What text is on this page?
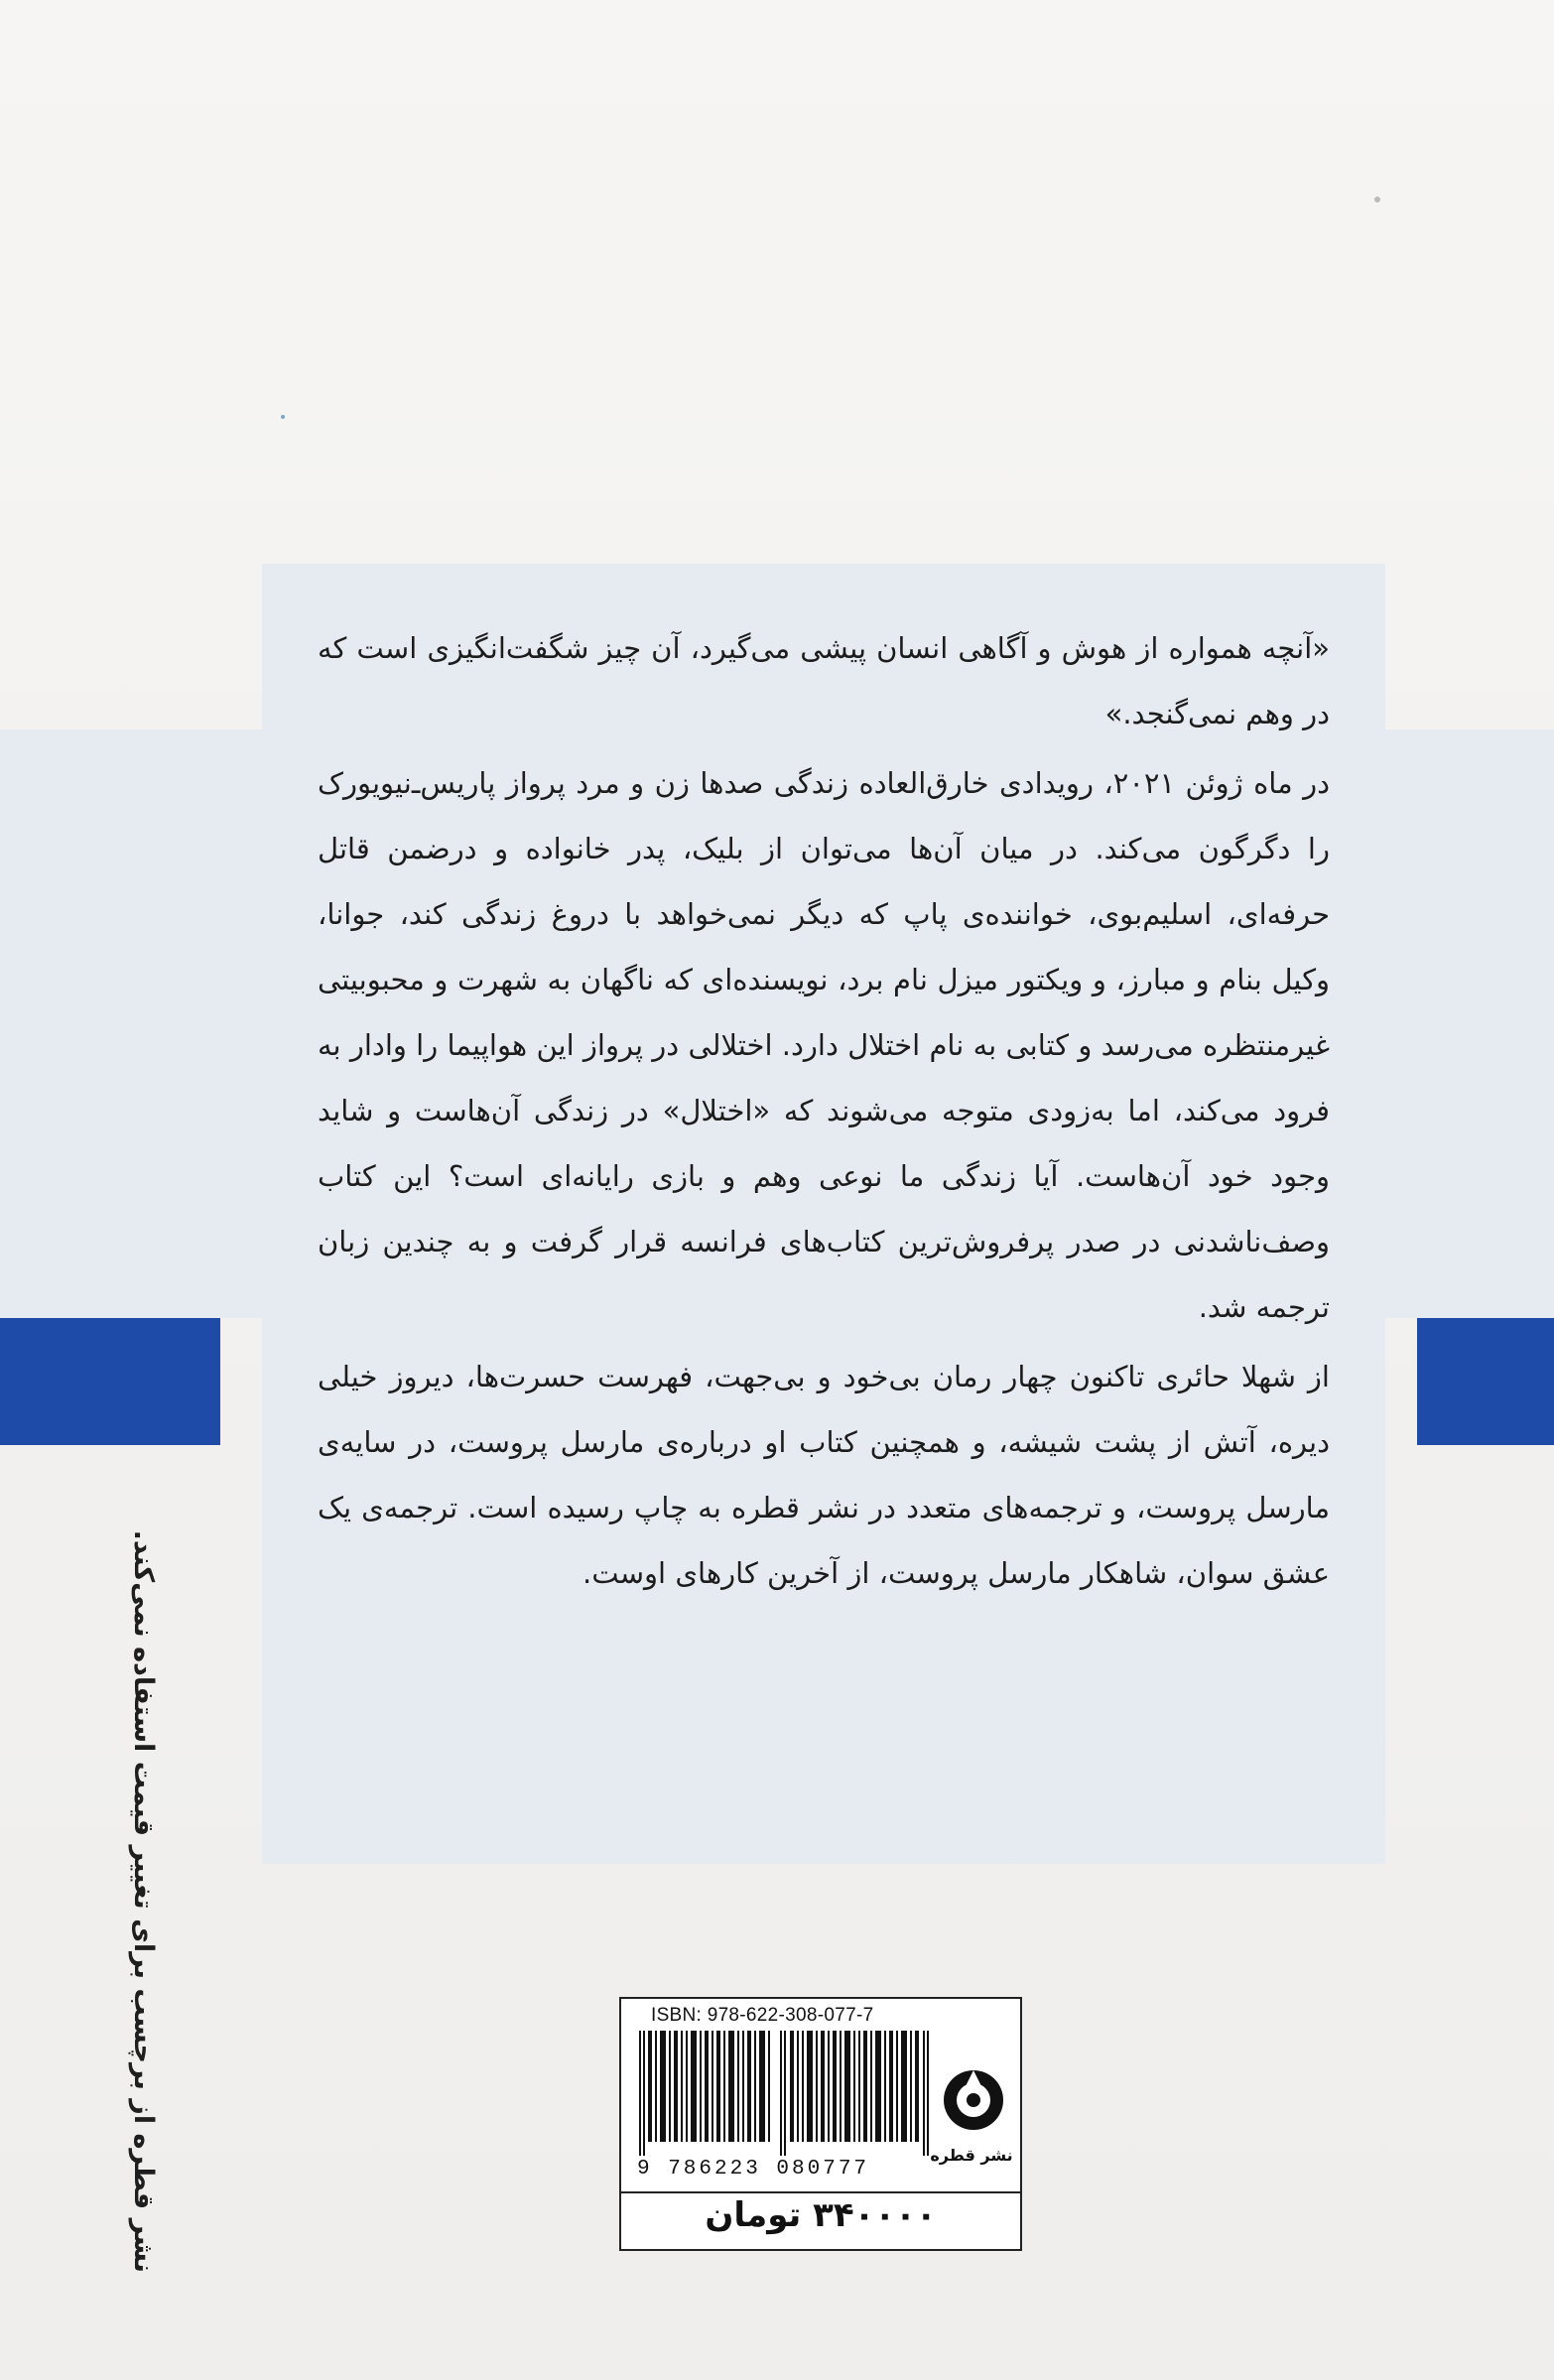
«آنچه همواره از هوش و آگاهی انسان پیشی می‌گیرد، آن چیز شگفت‌انگیزی است که در وهم نمی‌گنجد.»

در ماه ژوئن ۲۰۲۱، رویدادی خارق‌العاده زندگی صدها زن و مرد پرواز پاریس‌ـ‌نیویورک را دگرگون می‌کند. در میان آن‌ها می‌توان از بلیک، پدر خانواده و درضمن قاتل حرفه‌ای، اسلیم‌بوی، خواننده‌ی پاپ که دیگر نمی‌خواهد با دروغ زندگی کند، جوانا، وکیل بنام و مبارز، و ویکتور میزل نام برد، نویسنده‌ای که ناگهان به شهرت و محبوبیتی غیرمنتظره می‌رسد و کتابی به نام اختلال دارد. اختلالی در پرواز این هواپیما را وادار به فرود می‌کند، اما به‌زودی متوجه می‌شوند که «اختلال» در زندگی آن‌هاست و شاید وجود خود آن‌هاست. آیا زندگی ما نوعی وهم و بازی رایانه‌ای است؟ این کتاب وصف‌ناشدنی در صدر پرفروش‌ترین کتاب‌های فرانسه قرار گرفت و به چندین زبان ترجمه شد.

از شهلا حائری تاکنون چهار رمان بی‌خود و بی‌جهت، فهرست حسرت‌ها، دیروز خیلی دیره، آتش از پشت شیشه، و همچنین کتاب او درباره‌ی مارسل پروست، در سایه‌ی مارسل پروست، و ترجمه‌های متعدد در نشر قطره به چاپ رسیده است. ترجمه‌ی یک عشق سوان، شاهکار مارسل پروست، از آخرین کارهای اوست.

نشر قطره از برچسب برای تغییر قیمت استفاده نمی‌کند.	ISBN: 978-622-308-077-7
9 786223 080777
نشر قطره
۳۴۰۰۰۰ تومان
